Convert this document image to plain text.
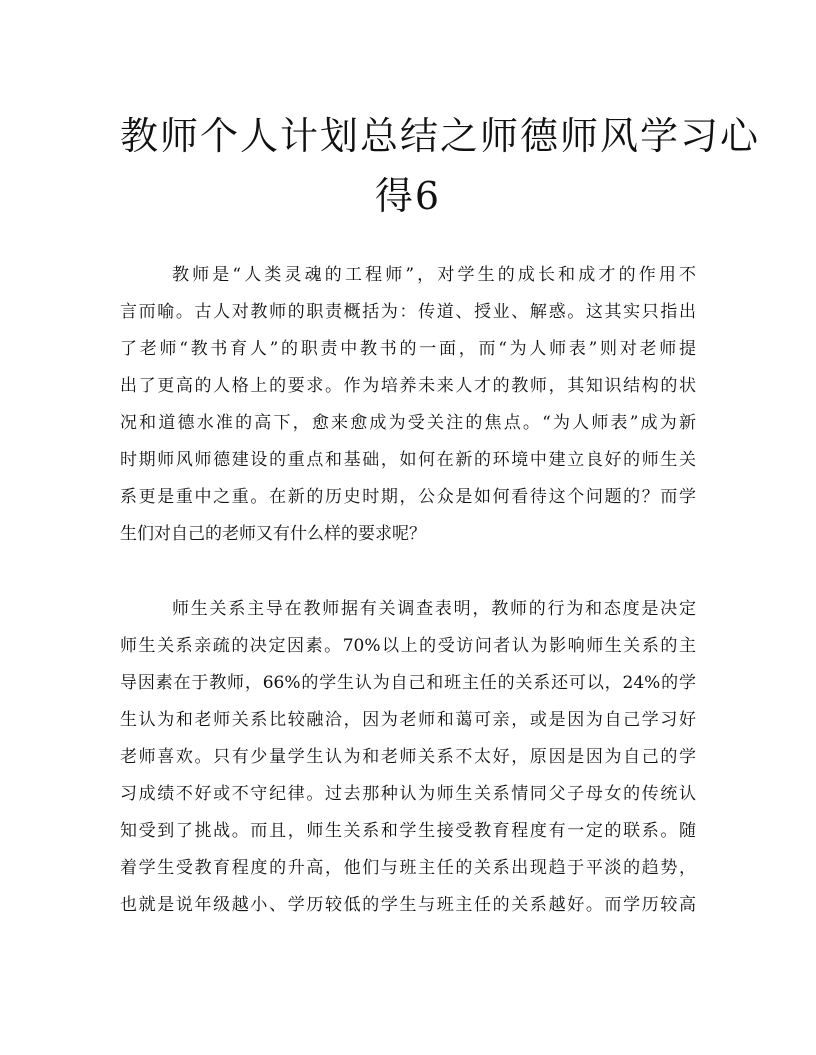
教师个人计划总结之师德师风学习心
得6
教师是“人类灵魂的工程师”，对学生的成长和成才的作用不
言而喻。古人对教师的职责概括为：传道、授业、解惑。这其实只指出
了老师“教书育人”的职责中教书的一面，而“为人师表”则对老师提
出了更高的人格上的要求。作为培养未来人才的教师，其知识结构的状
况和道德水准的高下，愈来愈成为受关注的焦点。“为人师表”成为新
时期师风师德建设的重点和基础，如何在新的环境中建立良好的师生关
系更是重中之重。在新的历史时期，公众是如何看待这个问题的？而学
生们对自己的老师又有什么样的要求呢？
师生关系主导在教师据有关调查表明，教师的行为和态度是决定
师生关系亲疏的决定因素。70%以上的受访问者认为影响师生关系的主
导因素在于教师，66%的学生认为自己和班主任的关系还可以，24%的学
生认为和老师关系比较融洽，因为老师和蔼可亲，或是因为自己学习好
老师喜欢。只有少量学生认为和老师关系不太好，原因是因为自己的学
习成绩不好或不守纪律。过去那种认为师生关系情同父子母女的传统认
知受到了挑战。而且，师生关系和学生接受教育程度有一定的联系。随
着学生受教育程度的升高，他们与班主任的关系出现趋于平淡的趋势，
也就是说年级越小、学历较低的学生与班主任的关系越好。而学历较高
